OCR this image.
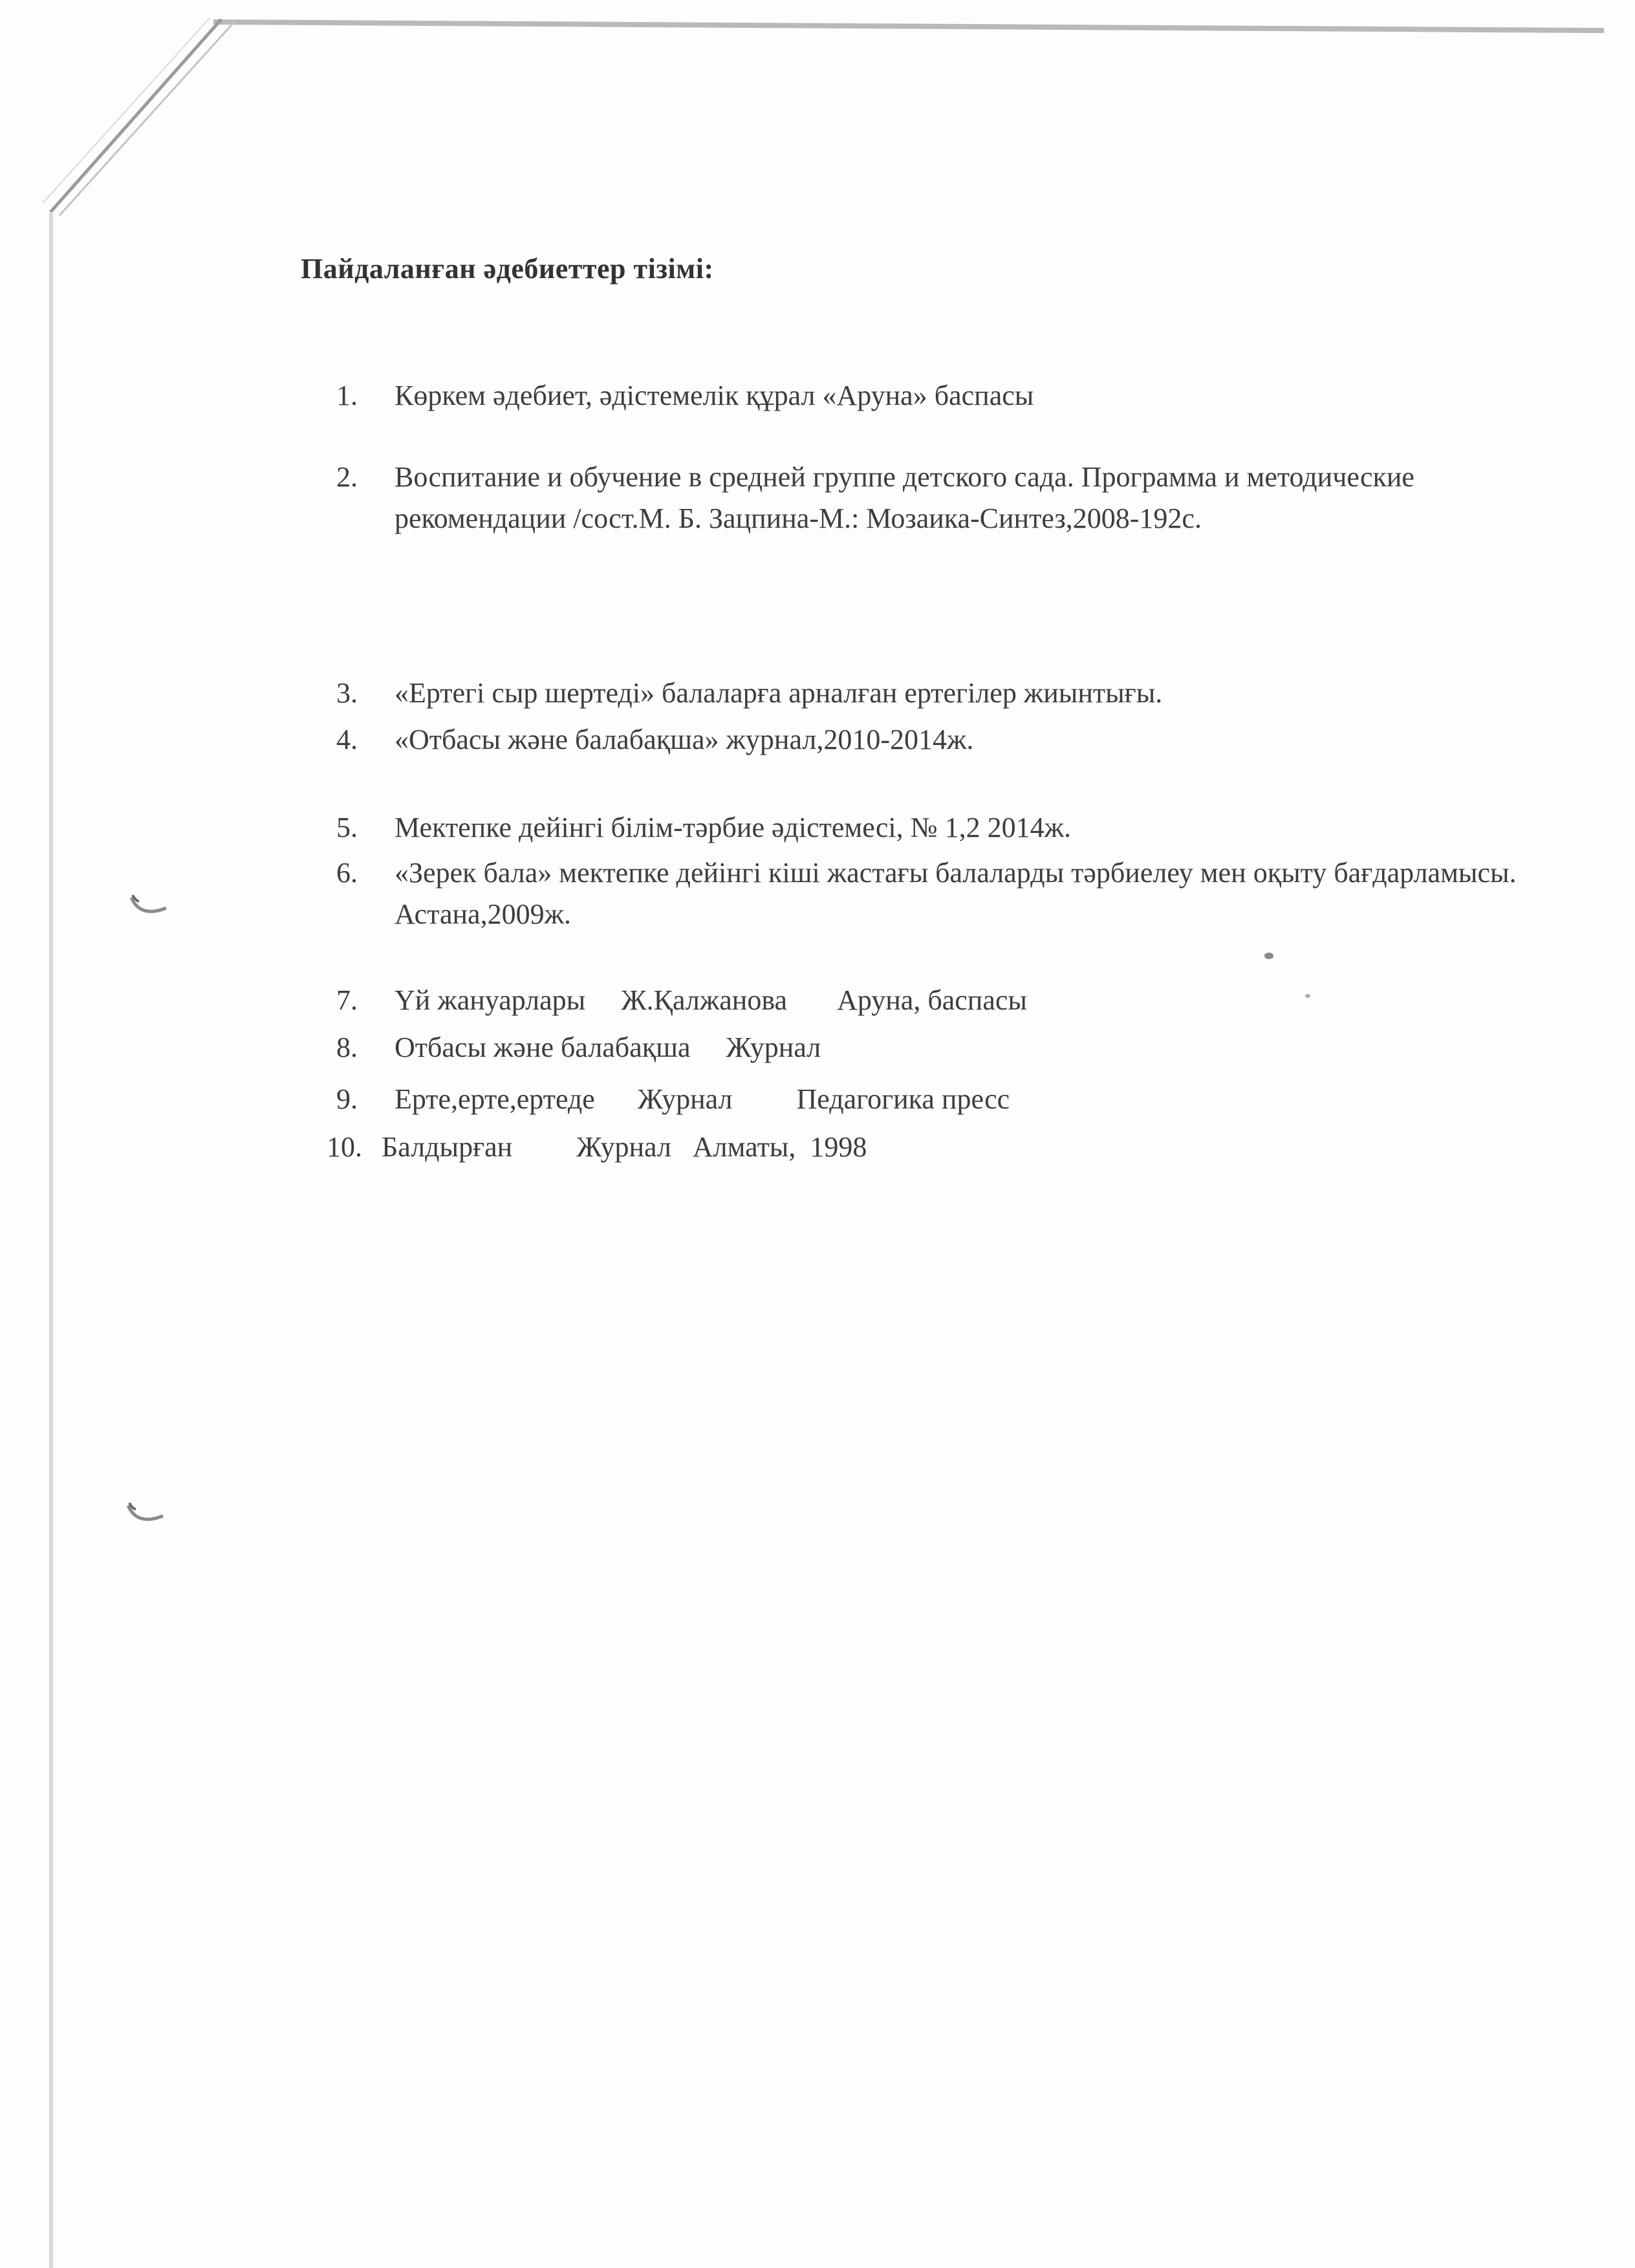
Пайдаланған әдебиеттер тізімі:
1.	Көркем әдебиет, әдістемелік құрал «Аруна» баспасы
2.	Воспитание и обучение в средней группе детского сада. Программа и методические рекомендации /сост.М. Б. Зацпина-М.: Мозаика-Синтез,2008-192с.
3.	«Ертегі сыр шертеді» балаларға арналған ертегілер жиынтығы.
4.	«Отбасы және балабақша» журнал,2010-2014ж.
5.	Мектепке дейінгі білім-тәрбие әдістемесі, № 1,2 2014ж.
6.	«Зерек бала» мектепке дейінгі кіші жастағы балаларды тәрбиелеу мен оқыту бағдарламысы. Астана,2009ж.
7.	Үй жануарлары     Ж.Қалжанова       Аруна, баспасы
8.	Отбасы және балабақша     Журнал
9.	Ерте,ерте,ертеде      Журнал         Педагогика пресс
10. Балдырған         Журнал   Алматы,  1998
